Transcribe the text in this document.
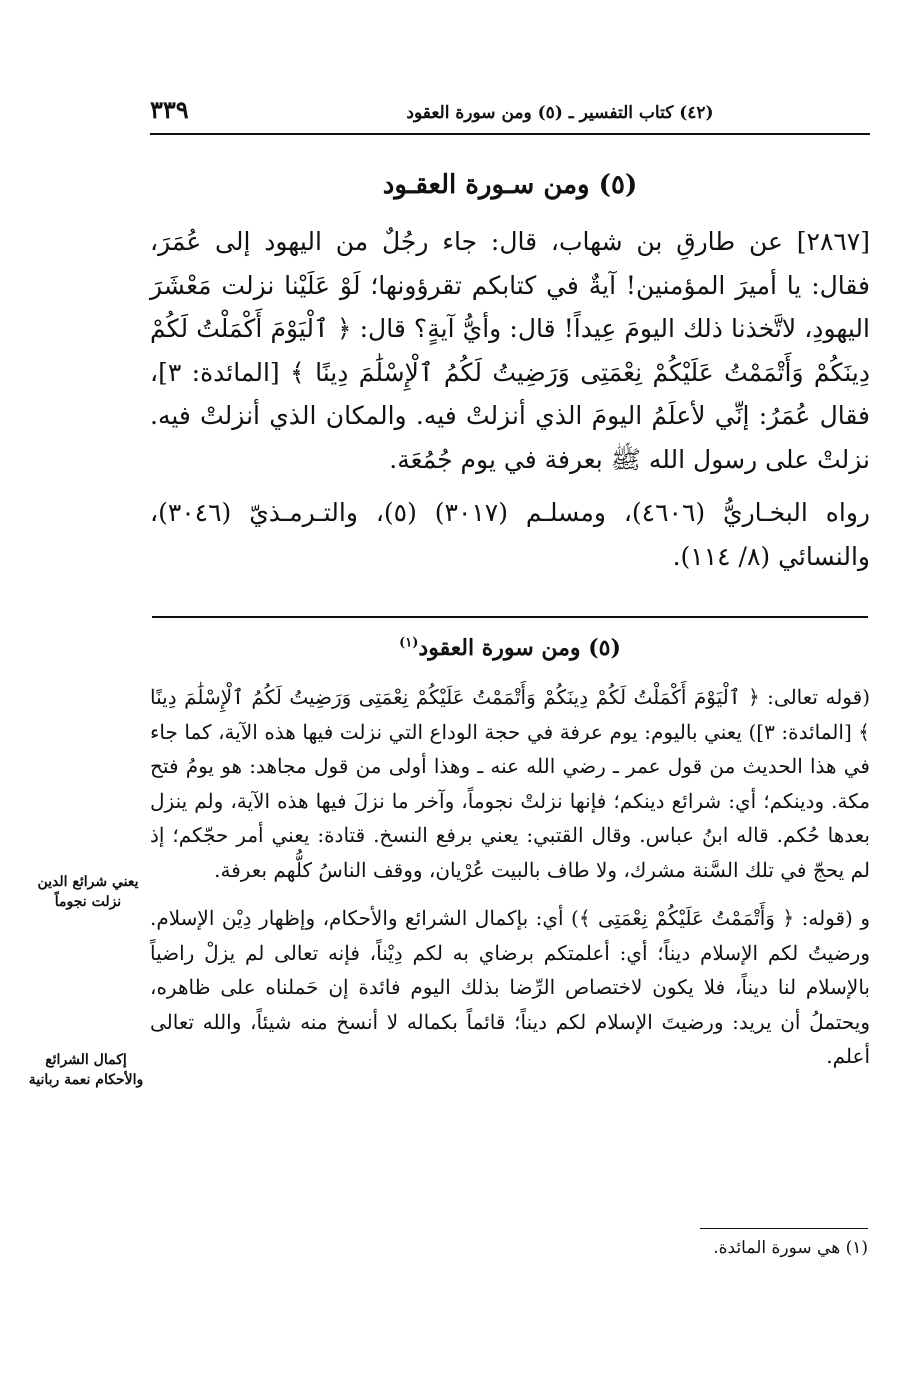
٣٣٩	(٤٢) كتاب التفسير ـ (٥) ومن سورة العقود
(٥) ومن سـورة العقـود

[٢٨٦٧] عن طارقِ بن شهاب، قال: جاء رجُلٌ من اليهود إلى عُمَرَ، فقال: يا أميرَ المؤمنين! آيةٌ في كتابكم تقرؤونها؛ لَوْ عَلَيْنا نزلت مَعْشَرَ اليهودِ، لاتَّخذنا ذلك اليومَ عِيداً! قال: وأيُّ آيةٍ؟ قال: ﴿ ٱلْيَوْمَ أَكْمَلْتُ لَكُمْ دِينَكُمْ وَأَتْمَمْتُ عَلَيْكُمْ نِعْمَتِى وَرَضِيتُ لَكُمُ ٱلْإِسْلَٰمَ دِينًا ﴾ [المائدة: ٣]، فقال عُمَرُ: إنِّي لأعلَمُ اليومَ الذي أنزلتْ فيه. والمكان الذي أنزلتْ فيه. نزلتْ على رسول الله ﷺ بعرفة في يوم جُمُعَة.

رواه البخـاريُّ (٤٦٠٦)، ومسلـم (٣٠١٧) (٥)، والتـرمـذيّ (٣٠٤٦)، والنسائي (٨/ ١١٤).

(٥) ومن سورة العقود$^{(١)}$

(قوله تعالى: ﴿ ٱلْيَوْمَ أَكْمَلْتُ لَكُمْ دِينَكُمْ وَأَتْمَمْتُ عَلَيْكُمْ نِعْمَتِى وَرَضِيتُ لَكُمُ ٱلْإِسْلَٰمَ دِينًا ﴾ [المائدة: ٣]) يعني باليوم: يوم عرفة في حجة الوداع التي نزلت فيها هذه الآية، كما جاء في هذا الحديث من قول عمر ـ رضي الله عنه ـ وهذا أولى من قول مجاهد: هو يومُ فتح مكة. ودينكم؛ أي: شرائع دينكم؛ فإنها نزلتْ نجوماً، وآخر ما نزلَ فيها هذه الآية، ولم ينزل بعدها حُكم. قاله ابنُ عباس. وقال القتبي: يعني برفع النسخ. قتادة: يعني أمر حجّكم؛ إذ لم يحجّ في تلك السَّنة مشرك، ولا طاف بالبيت عُرْيان، ووقف الناسُ كلُّهم بعرفة.

و (قوله: ﴿ وَأَتْمَمْتُ عَلَيْكُمْ نِعْمَتِى ﴾) أي: بإكمال الشرائع والأحكام، وإظهار دِيْن الإسلام. ورضيتُ لكم الإسلام ديناً؛ أي: أعلمتكم برضاي به لكم دِيْناً، فإنه تعالى لم يزلْ راضياً بالإسلام لنا ديناً، فلا يكون لاختصاص الرِّضا بذلك اليوم فائدة إن حَملناه على ظاهره، ويحتملُ أن يريد: ورضيتَ الإسلام لكم ديناً؛ قائماً بكماله لا أنسخ منه شيئاً، والله تعالى أعلم.

يعني شرائع الدين نزلت نجوماً
إكمال الشرائع والأحكام نعمة ربانية
(١) هي سورة المائدة.
